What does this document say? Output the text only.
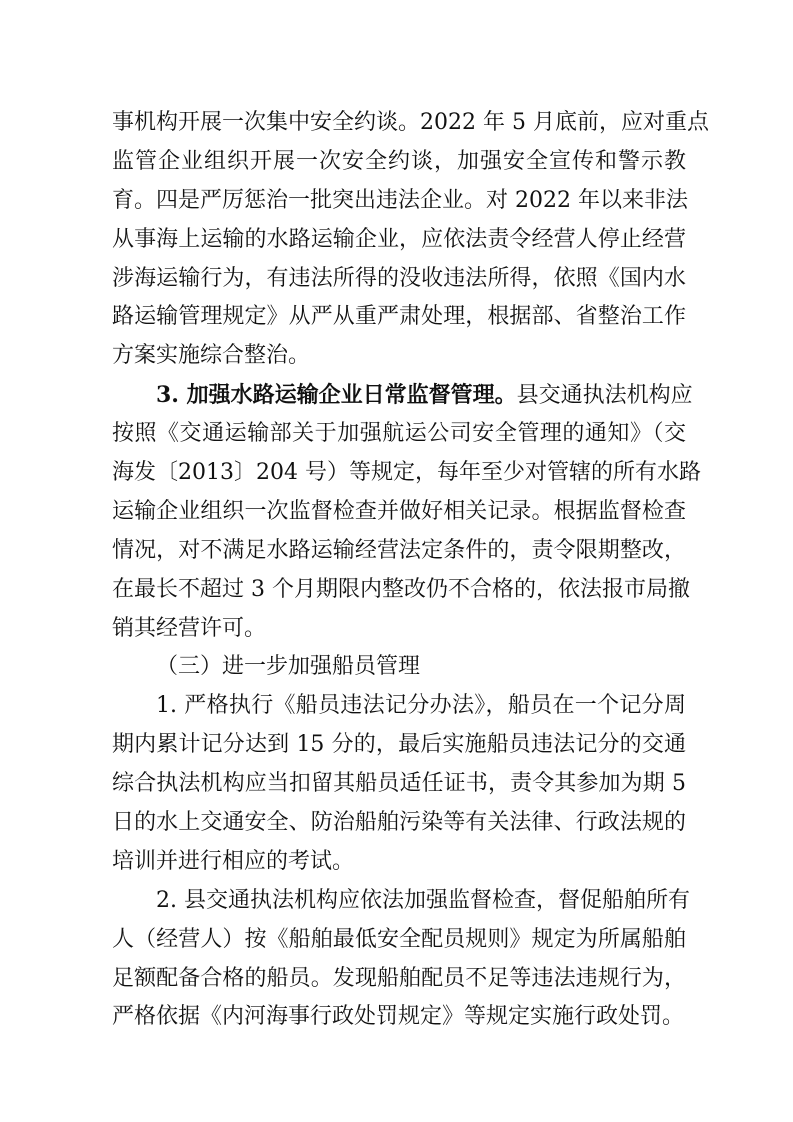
事机构开展一次集中安全约谈。2022 年 5 月底前，应对重点
监管企业组织开展一次安全约谈，加强安全宣传和警示教
育。四是严厉惩治一批突出违法企业。对 2022 年以来非法
从事海上运输的水路运输企业，应依法责令经营人停止经营
涉海运输行为，有违法所得的没收违法所得，依照《国内水
路运输管理规定》从严从重严肃处理，根据部、省整治工作
方案实施综合整治。

3. 加强水路运输企业日常监督管理。县交通执法机构应
按照《交通运输部关于加强航运公司安全管理的通知》（交
海发〔2013〕204 号）等规定，每年至少对管辖的所有水路
运输企业组织一次监督检查并做好相关记录。根据监督检查
情况，对不满足水路运输经营法定条件的，责令限期整改，
在最长不超过 3 个月期限内整改仍不合格的，依法报市局撤
销其经营许可。

（三）进一步加强船员管理

1. 严格执行《船员违法记分办法》，船员在一个记分周
期内累计记分达到 15 分的，最后实施船员违法记分的交通
综合执法机构应当扣留其船员适任证书，责令其参加为期 5
日的水上交通安全、防治船舶污染等有关法律、行政法规的
培训并进行相应的考试。

2. 县交通执法机构应依法加强监督检查，督促船舶所有
人（经营人）按《船舶最低安全配员规则》规定为所属船舶
足额配备合格的船员。发现船舶配员不足等违法违规行为，
严格依据《内河海事行政处罚规定》等规定实施行政处罚。
